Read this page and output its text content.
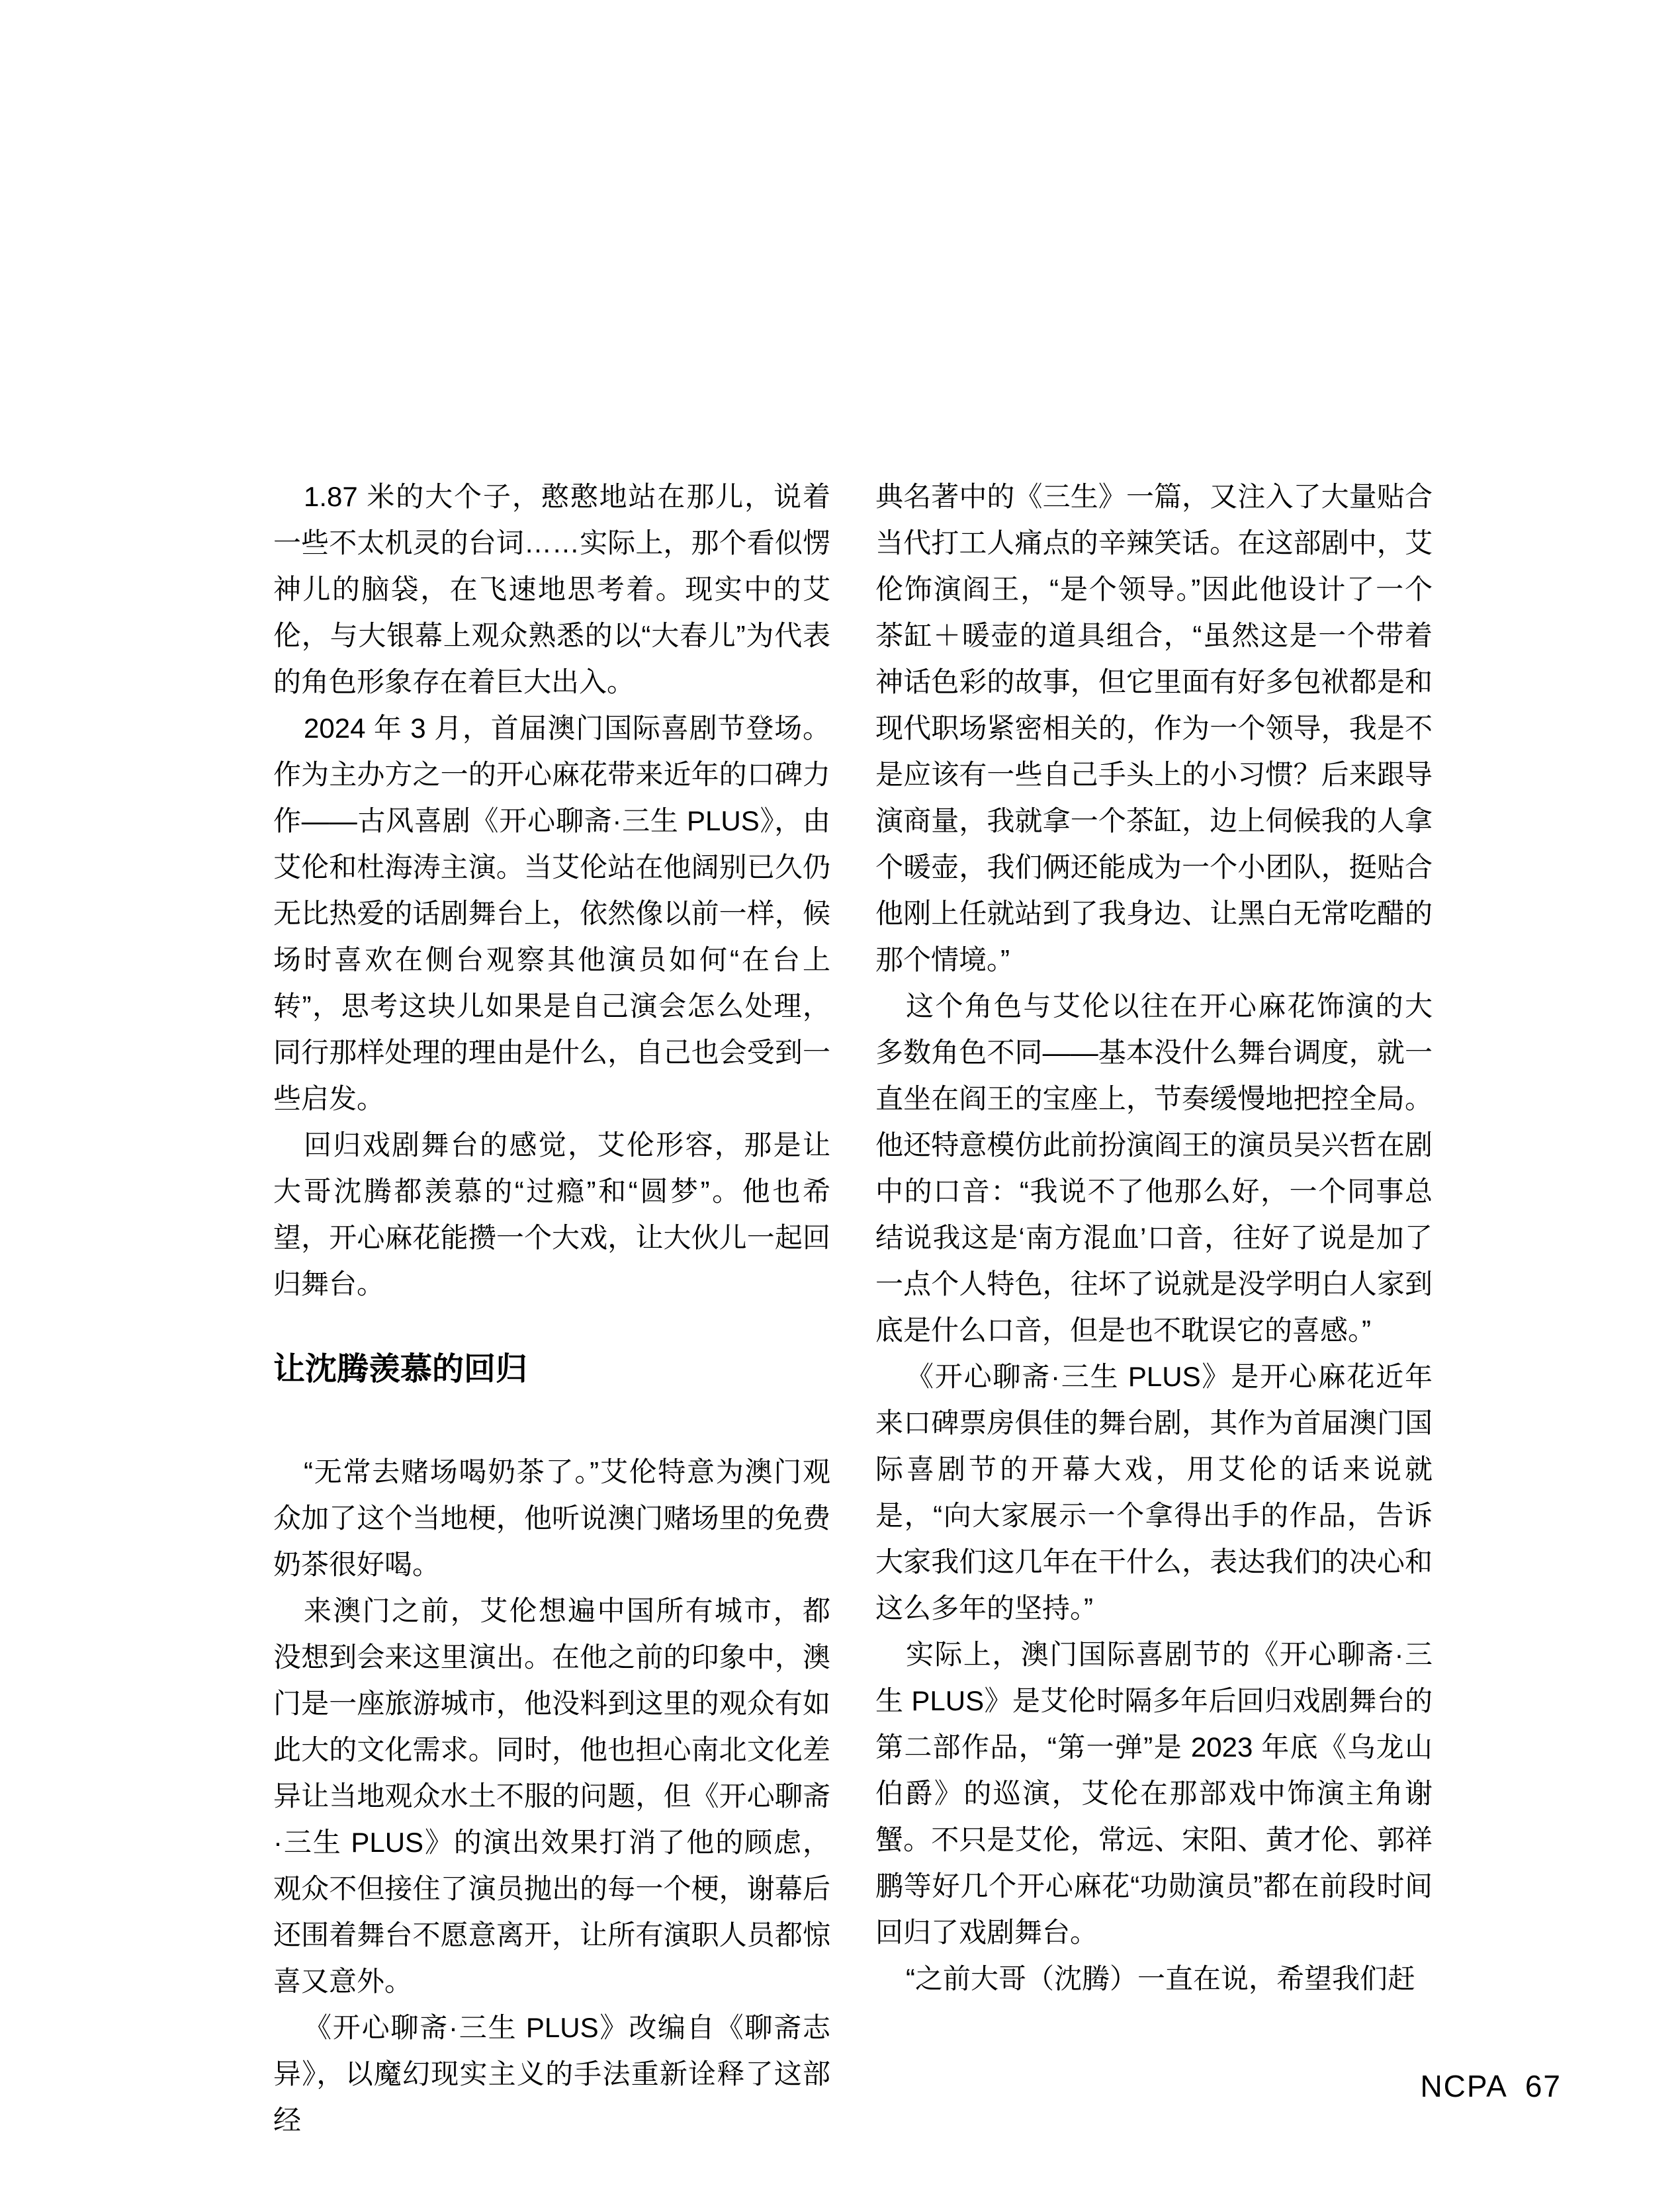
1.87 米的大个子，憨憨地站在那儿，说着一些不太机灵的台词……实际上，那个看似愣神儿的脑袋，在飞速地思考着。现实中的艾伦，与大银幕上观众熟悉的以“大春儿”为代表的角色形象存在着巨大出入。

2024 年 3 月，首届澳门国际喜剧节登场。作为主办方之一的开心麻花带来近年的口碑力作——古风喜剧《开心聊斋·三生 PLUS》，由艾伦和杜海涛主演。当艾伦站在他阔别已久仍无比热爱的话剧舞台上，依然像以前一样，候场时喜欢在侧台观察其他演员如何“在台上转”，思考这块儿如果是自己演会怎么处理，同行那样处理的理由是什么，自己也会受到一些启发。

回归戏剧舞台的感觉，艾伦形容，那是让大哥沈腾都羡慕的“过瘾”和“圆梦”。他也希望，开心麻花能攒一个大戏，让大伙儿一起回归舞台。

让沈腾羡慕的回归

“无常去赌场喝奶茶了。”艾伦特意为澳门观众加了这个当地梗，他听说澳门赌场里的免费奶茶很好喝。

来澳门之前，艾伦想遍中国所有城市，都没想到会来这里演出。在他之前的印象中，澳门是一座旅游城市，他没料到这里的观众有如此大的文化需求。同时，他也担心南北文化差异让当地观众水土不服的问题，但《开心聊斋·三生 PLUS》的演出效果打消了他的顾虑，观众不但接住了演员抛出的每一个梗，谢幕后还围着舞台不愿意离开，让所有演职人员都惊喜又意外。

《开心聊斋·三生 PLUS》改编自《聊斋志异》，以魔幻现实主义的手法重新诠释了这部经

典名著中的《三生》一篇，又注入了大量贴合当代打工人痛点的辛辣笑话。在这部剧中，艾伦饰演阎王，“是个领导。”因此他设计了一个茶缸＋暖壶的道具组合，“虽然这是一个带着神话色彩的故事，但它里面有好多包袱都是和现代职场紧密相关的，作为一个领导，我是不是应该有一些自己手头上的小习惯？后来跟导演商量，我就拿一个茶缸，边上伺候我的人拿个暖壶，我们俩还能成为一个小团队，挺贴合他刚上任就站到了我身边、让黑白无常吃醋的那个情境。”

这个角色与艾伦以往在开心麻花饰演的大多数角色不同——基本没什么舞台调度，就一直坐在阎王的宝座上，节奏缓慢地把控全局。他还特意模仿此前扮演阎王的演员吴兴哲在剧中的口音：“我说不了他那么好，一个同事总结说我这是‘南方混血’口音，往好了说是加了一点个人特色，往坏了说就是没学明白人家到底是什么口音，但是也不耽误它的喜感。”

《开心聊斋·三生 PLUS》是开心麻花近年来口碑票房俱佳的舞台剧，其作为首届澳门国际喜剧节的开幕大戏，用艾伦的话来说就是，“向大家展示一个拿得出手的作品，告诉大家我们这几年在干什么，表达我们的决心和这么多年的坚持。”

实际上，澳门国际喜剧节的《开心聊斋·三生 PLUS》是艾伦时隔多年后回归戏剧舞台的第二部作品，“第一弹”是 2023 年底《乌龙山伯爵》的巡演，艾伦在那部戏中饰演主角谢蟹。不只是艾伦，常远、宋阳、黄才伦、郭祥鹏等好几个开心麻花“功勋演员”都在前段时间回归了戏剧舞台。

“之前大哥（沈腾）一直在说，希望我们赶

NCPA 67
